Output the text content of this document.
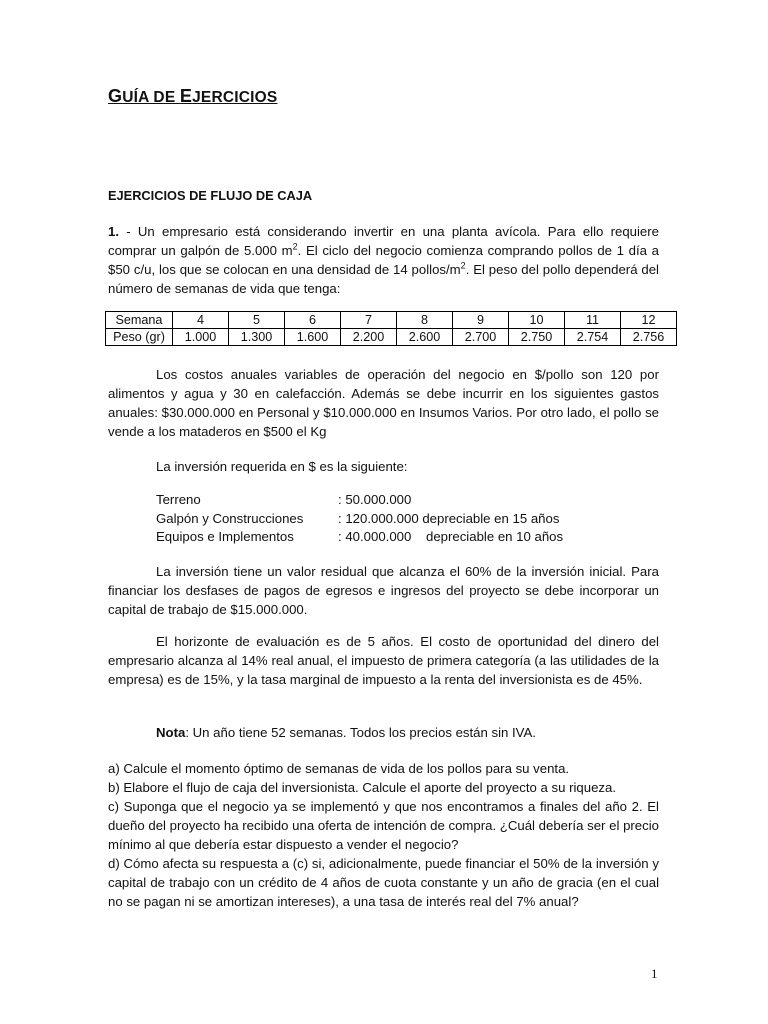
GUÍA DE EJERCICIOS
EJERCICIOS DE FLUJO DE CAJA
1. - Un empresario está considerando invertir en una planta avícola. Para ello requiere comprar un galpón de 5.000 $m^2$. El ciclo del negocio comienza comprando pollos de 1 día a $50 c/u, los que se colocan en una densidad de 14 pollos/$m^2$. El peso del pollo dependerá del número de semanas de vida que tenga:
Semana	4	5	6	7	8	9	10	11	12
Peso (gr)	1.000	1.300	1.600	2.200	2.600	2.700	2.750	2.754	2.756
Los costos anuales variables de operación del negocio en $/pollo son 120 por alimentos y agua y 30 en calefacción. Además se debe incurrir en los siguientes gastos anuales: $30.000.000 en Personal y $10.000.000 en Insumos Varios. Por otro lado, el pollo se vende a los mataderos en $500 el Kg
La inversión requerida en $ es la siguiente:
Terreno	: 50.000.000
Galpón y Construcciones	: 120.000.000 depreciable en 15 años
Equipos e Implementos	: 40.000.000    depreciable en 10 años
La inversión tiene un valor residual que alcanza el 60% de la inversión inicial. Para financiar los desfases de pagos de egresos e ingresos del proyecto se debe incorporar un capital de trabajo de $15.000.000.
El horizonte de evaluación es de 5 años. El costo de oportunidad del dinero del empresario alcanza al 14% real anual, el impuesto de primera categoría (a las utilidades de la empresa) es de 15%, y la tasa marginal de impuesto a la renta del inversionista es de 45%.
Nota: Un año tiene 52 semanas. Todos los precios están sin IVA.
a) Calcule el momento óptimo de semanas de vida de los pollos para su venta.
b) Elabore el flujo de caja del inversionista. Calcule el aporte del proyecto a su riqueza.
c) Suponga que el negocio ya se implementó y que nos encontramos a finales del año 2. El dueño del proyecto ha recibido una oferta de intención de compra. ¿Cuál debería ser el precio mínimo al que debería estar dispuesto a vender el negocio?
d) Cómo afecta su respuesta a (c) si, adicionalmente, puede financiar el 50% de la inversión y capital de trabajo con un crédito de 4 años de cuota constante y un año de gracia (en el cual no se pagan ni se amortizan intereses), a una tasa de interés real del 7% anual?
1
